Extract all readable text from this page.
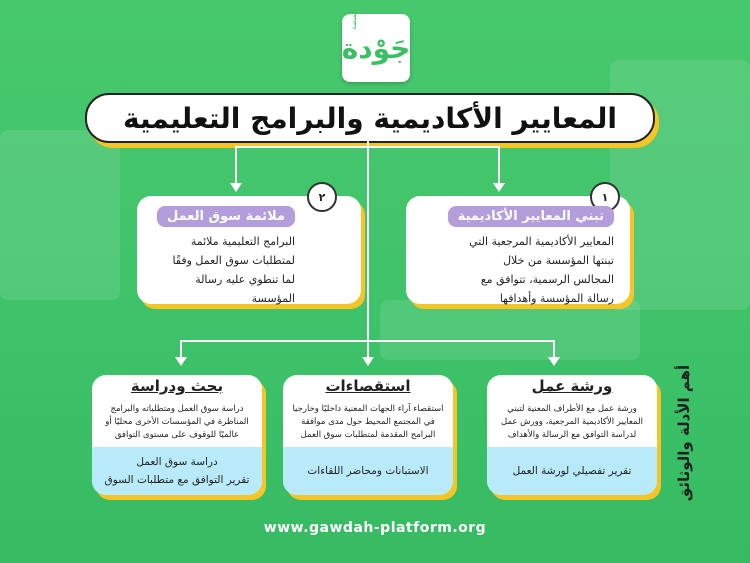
جَوْدة
المنصة
المعايير الأكاديمية والبرامج التعليمية
١
تبني المعايير الأكاديمية
المعايير الأكاديمية المرجعية التي
تبنتها المؤسسة من خلال
المجالس الرسمية، تتوافق مع
رسالة المؤسسة وأهدافها
٢
ملائمة سوق العمل
البرامج التعليمية ملائمة
لمتطلبات سوق العمل وفقًا
لما تنطوي عليه رسالة
المؤسسة
بحث ودراسة
دراسة سوق العمل ومتطلباته والبرامج المناظرة في المؤسسات الأخرى محليًا أو عالميًا للوقوف على مستوى التوافق
دراسة سوق العمل
تقرير التوافق مع متطلبات السوق
استقصاءات
استقصاء آراء الجهات المعنية داخليًا وخارجيا في المجتمع المحيط حول مدى موافقة البرامج المقدمة لمتطلبات سوق العمل
الاستبانات ومحاضر اللقاءات
ورشة عمل
ورشة عمل مع الأطراف المعنية لتبني المعايير الأكاديمية المرجعية، وورش عمل لدراسة التوافق مع الرسالة والأهداف
تقرير تفصيلي لورشة العمل	أهم الأدلة والوثائق
www.gawdah-platform.org
